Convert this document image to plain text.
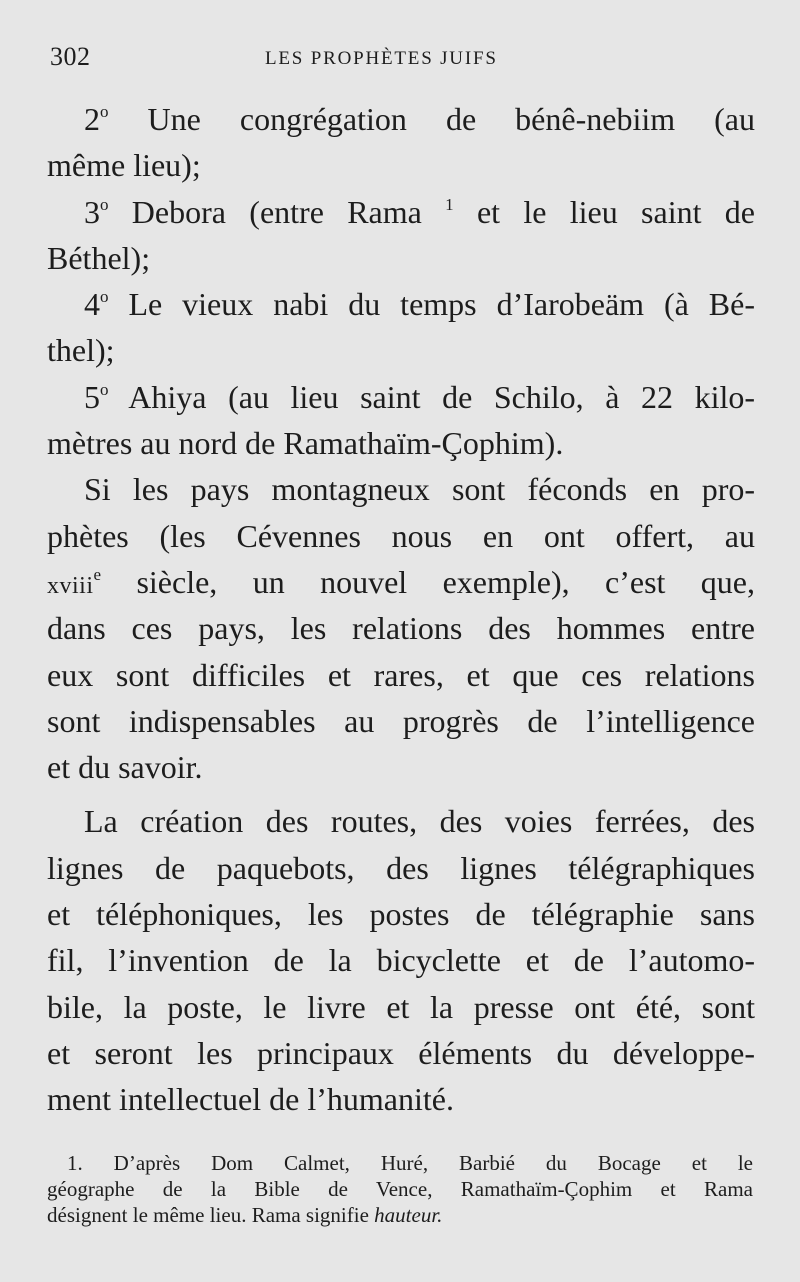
302	LES PROPHÈTES JUIFS
2$^o$ Une congrégation de bénê-nebiim (au
même lieu);
3$^o$ Debora (entre Rama $^1$ et le lieu saint de
Béthel);
4$^o$ Le vieux nabi du temps d’Iarobeäm (à Bé-
thel);
5$^o$ Ahiya (au lieu saint de Schilo, à 22 kilo-
mètres au nord de Ramathaïm-Çophim).
Si les pays montagneux sont féconds en pro-
phètes (les Cévennes nous en ont offert, au
xviii$^e$ siècle, un nouvel exemple), c’est que,
dans ces pays, les relations des hommes entre
eux sont difficiles et rares, et que ces relations
sont indispensables au progrès de l’intelligence
et du savoir.
La création des routes, des voies ferrées, des
lignes de paquebots, des lignes télégraphiques
et téléphoniques, les postes de télégraphie sans
fil, l’invention de la bicyclette et de l’automo-
bile, la poste, le livre et la presse ont été, sont
et seront les principaux éléments du développe-
ment intellectuel de l’humanité.
1. D’après Dom Calmet, Huré, Barbié du Bocage et le
géographe de la Bible de Vence, Ramathaïm-Çophim et Rama
désignent le même lieu. Rama signifie hauteur.
